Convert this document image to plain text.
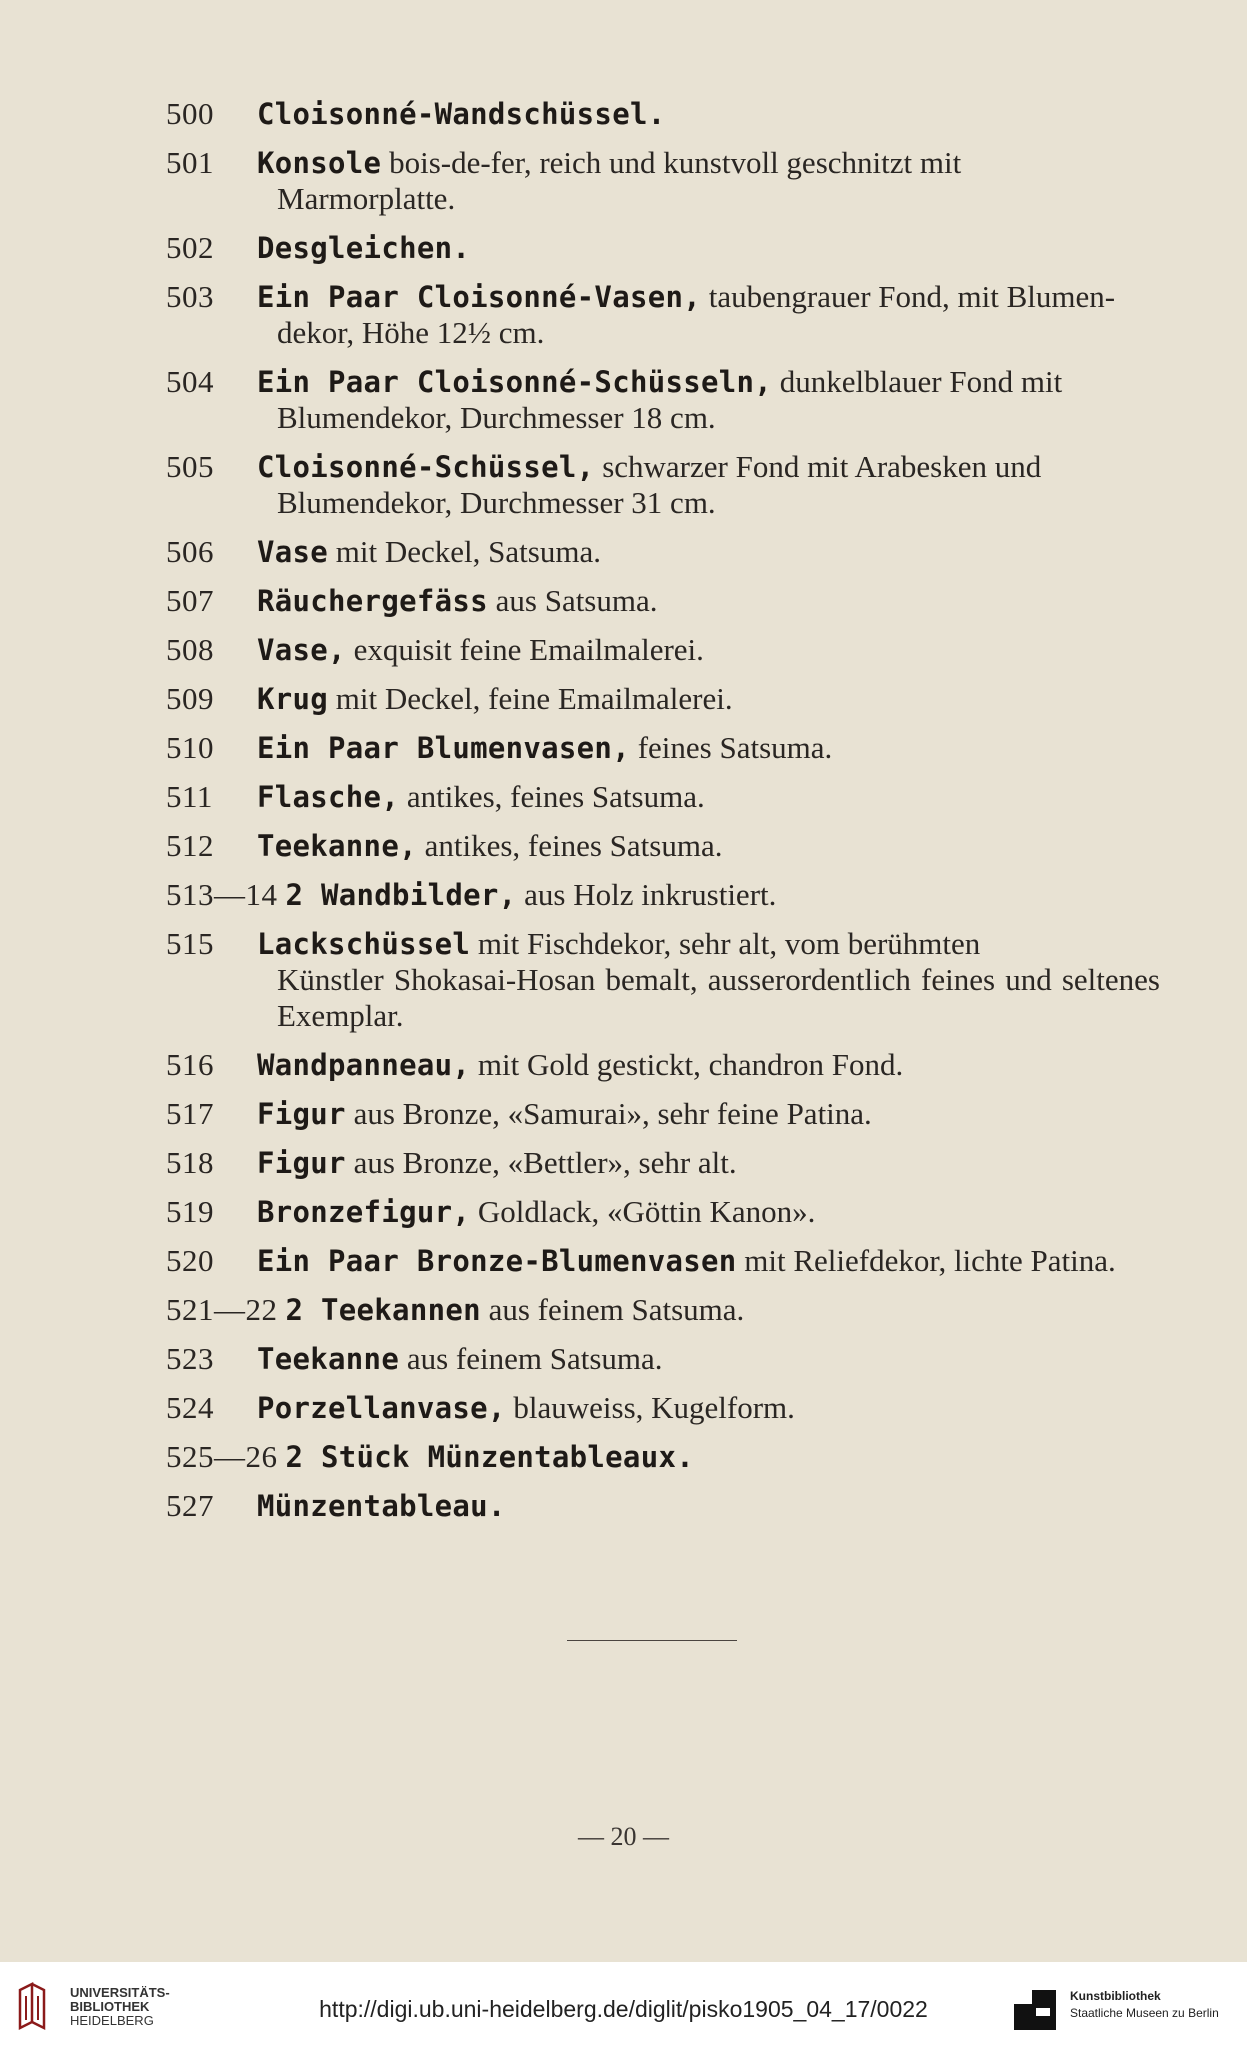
500 Cloisonné-Wandschüssel.
501 Konsole bois-de-fer, reich und kunstvoll geschnitzt mit
Marmorplatte.
502 Desgleichen.
503 Ein Paar Cloisonné-Vasen, taubengrauer Fond, mit Blumen-
dekor, Höhe 12½ cm.
504 Ein Paar Cloisonné-Schüsseln, dunkelblauer Fond mit
Blumendekor, Durchmesser 18 cm.
505 Cloisonné-Schüssel, schwarzer Fond mit Arabesken und
Blumendekor, Durchmesser 31 cm.
506 Vase mit Deckel, Satsuma.
507 Räuchergefäss aus Satsuma.
508 Vase, exquisit feine Emailmalerei.
509 Krug mit Deckel, feine Emailmalerei.
510 Ein Paar Blumenvasen, feines Satsuma.
511 Flasche, antikes, feines Satsuma.
512 Teekanne, antikes, feines Satsuma.
513—14 2 Wandbilder, aus Holz inkrustiert.
515 Lackschüssel mit Fischdekor, sehr alt, vom berühmten
Künstler Shokasai-Hosan bemalt, ausserordentlich feines und seltenes Exemplar.
516 Wandpanneau, mit Gold gestickt, chandron Fond.
517 Figur aus Bronze, «Samurai», sehr feine Patina.
518 Figur aus Bronze, «Bettler», sehr alt.
519 Bronzefigur, Goldlack, «Göttin Kanon».
520 Ein Paar Bronze-Blumenvasen mit Reliefdekor, lichte Patina.
521—22 2 Teekannen aus feinem Satsuma.
523 Teekanne aus feinem Satsuma.
524 Porzellanvase, blauweiss, Kugelform.
525—26 2 Stück Münzentableaux.
527 Münzentableau.
— 20 —
UNIVERSITÄTS-
BIBLIOTHEK
HEIDELBERG	http://digi.ub.uni-heidelberg.de/diglit/pisko1905_04_17/0022	Kunstbibliothek
Staatliche Museen zu Berlin
